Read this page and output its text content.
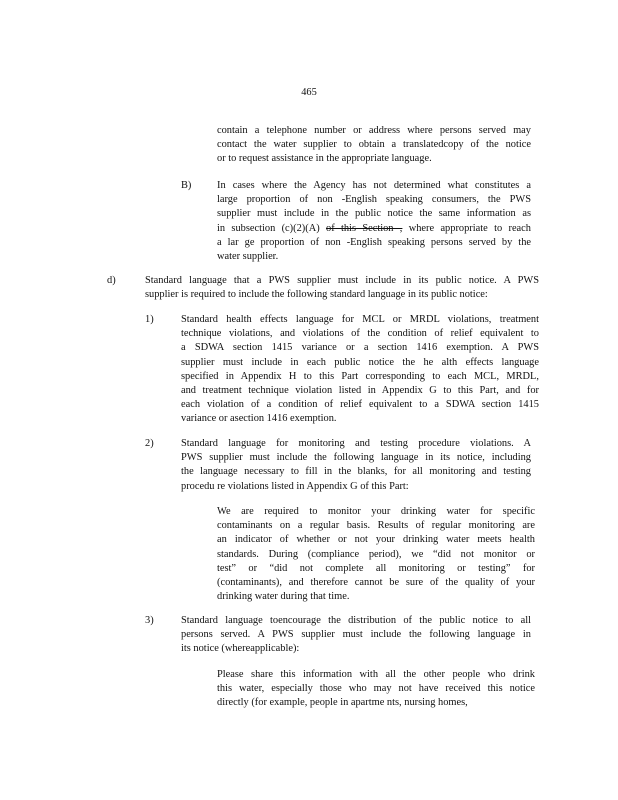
465
contain a telephone number or address where persons served may
contact the water supplier to obtain a translatedcopy of the notice
or to request assistance in the appropriate language.
B) In cases where the Agency has not determined what constitutes a
large proportion of non -English speaking consumers, the PWS
supplier must include in the public notice the same information as
in subsection (c)(2)(A) of this Section , where appropriate to reach
a lar ge proportion of non -English speaking persons served by the
water supplier.
d)	Standard language that a PWS supplier must include in its public notice. A PWS
supplier is required to include the following standard language in its public notice:
1)	Standard health effects language for MCL or MRDL violations, treatment
technique violations, and violations of the condition of relief equivalent to
a SDWA section 1415 variance or a section 1416 exemption. A PWS
supplier must include in each public notice the he alth effects language
specified in Appendix H to this Part corresponding to each MCL, MRDL,
and treatment technique violation listed in Appendix G to this Part, and for
each violation of a condition of relief equivalent to a SDWA section 1415
variance or asection 1416 exemption.
2)	Standard language for monitoring and testing procedure violations. A
PWS supplier must include the following language in its notice, including
the language necessary to fill in the blanks, for all monitoring and testing
procedu re violations listed in Appendix G of this Part:
We are required to monitor your drinking water for specific
contaminants on a regular basis. Results of regular monitoring are
an indicator of whether or not your drinking water meets health
standards. During (compliance period), we “did not monitor or
test” or “did not complete all monitoring or testing” for
(contaminants), and therefore cannot be sure of the quality of your
drinking water during that time.
3)	Standard language toencourage the distribution of the public notice to all
persons served. A PWS supplier must include the following language in
its notice (whereapplicable):
Please share this information with all the other people who drink
this water, especially those who may not have received this notice
directly (for example, people in apartme nts, nursing homes,
